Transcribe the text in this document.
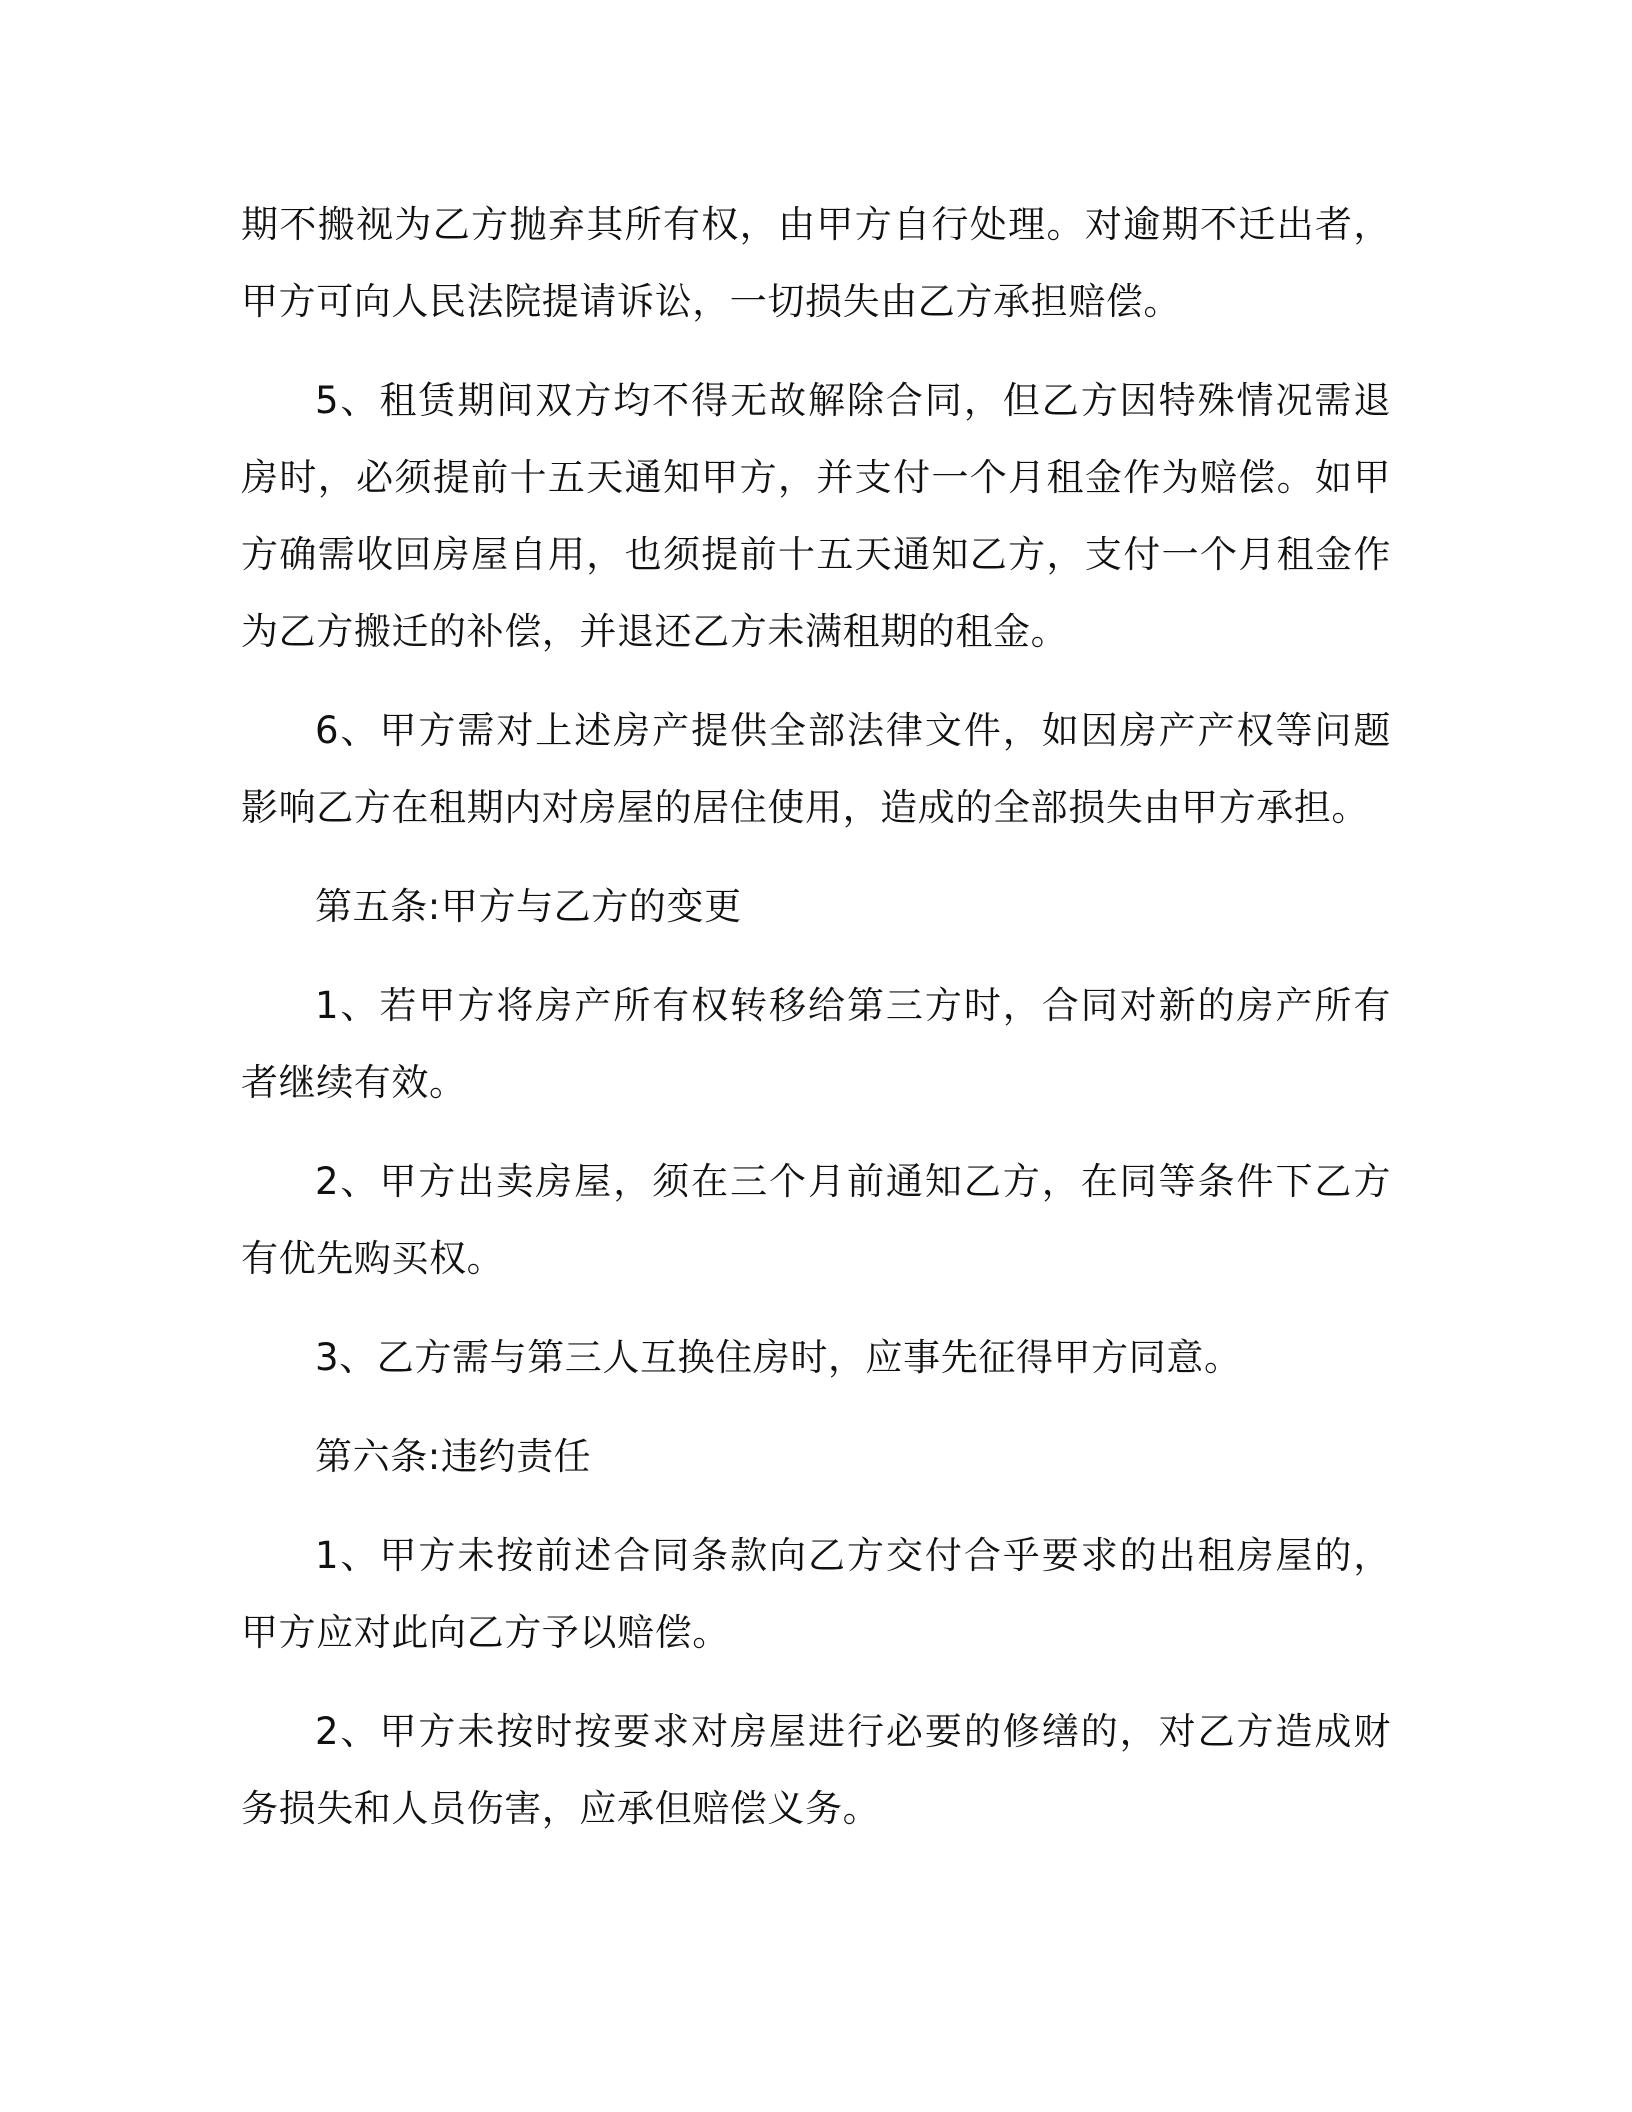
期不搬视为乙方抛弃其所有权，由甲方自行处理。对逾期不迁出者，甲方可向人民法院提请诉讼，一切损失由乙方承担赔偿。

5、租赁期间双方均不得无故解除合同，但乙方因特殊情况需退房时，必须提前十五天通知甲方，并支付一个月租金作为赔偿。如甲方确需收回房屋自用，也须提前十五天通知乙方，支付一个月租金作为乙方搬迁的补偿，并退还乙方未满租期的租金。

6、甲方需对上述房产提供全部法律文件，如因房产产权等问题影响乙方在租期内对房屋的居住使用，造成的全部损失由甲方承担。

第五条:甲方与乙方的变更

1、若甲方将房产所有权转移给第三方时，合同对新的房产所有者继续有效。

2、甲方出卖房屋，须在三个月前通知乙方，在同等条件下乙方有优先购买权。

3、乙方需与第三人互换住房时，应事先征得甲方同意。

第六条:违约责任

1、甲方未按前述合同条款向乙方交付合乎要求的出租房屋的，甲方应对此向乙方予以赔偿。

2、甲方未按时按要求对房屋进行必要的修缮的，对乙方造成财务损失和人员伤害，应承但赔偿义务。
